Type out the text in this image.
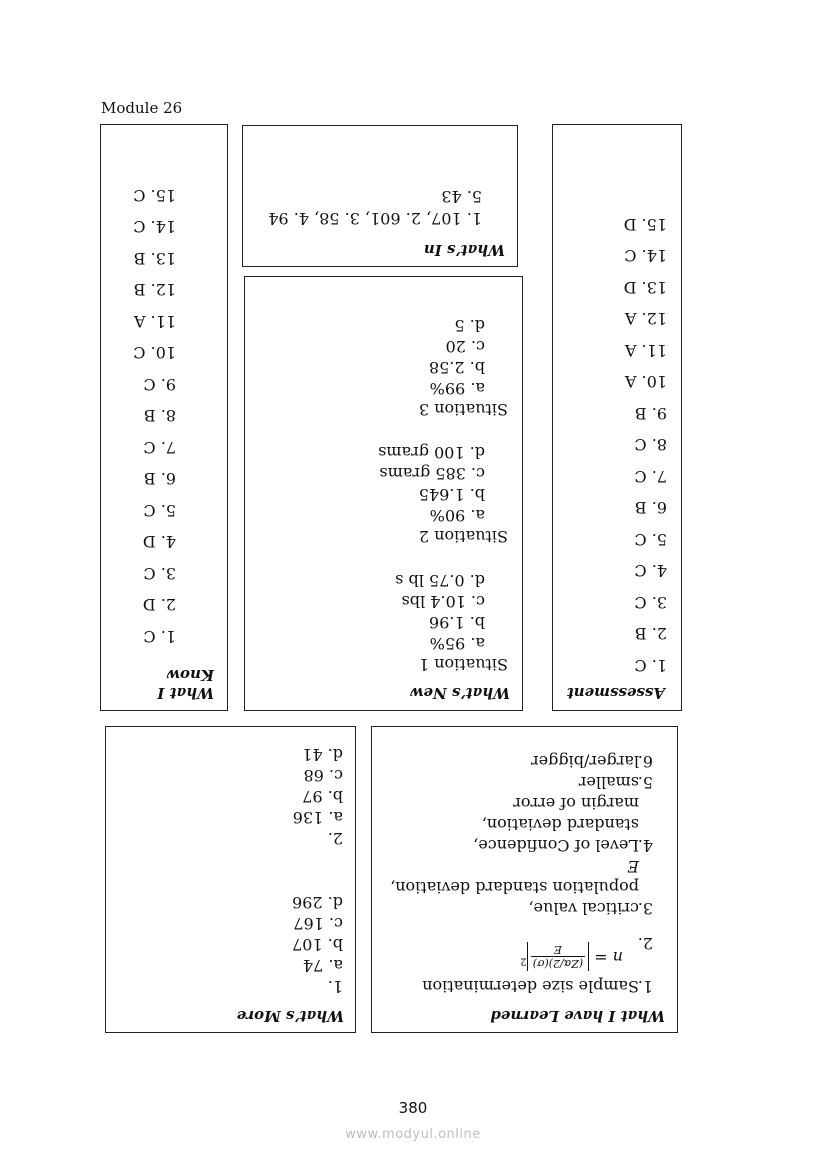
Module 26
Assessment
1. C
2. B
3. C
4. C
5. C
6. B
7. C
8. C
9. B
10. A
11. A
12. A
13. D
14. C
15. D
What’s In
1. 107, 2. 601, 3. 58, 4. 94
5. 43
What’s New
Situation 1
a. 95%
b. 1.96
c. 10.4 lbs
d. 0.75 lb s
Situation 2
a. 90%
b. 1.645
c. 385 grams
d. 100 grams
Situation 3
a. 99%
b. 2.58
c. 20
d. 5
What I
Know
1. C
2. D
3. C
4. D
5. C
6. B
7. C
8. B
9. C
10. C
11. A
12. B
13. B
14. C
15. C
What I have Learned
1.
Sample size determination
2.
n =
(Zα/2)(σ)
E
$^2$
3.
critical value,
population standard deviation,
E
4.
Level of Confidence,
standard deviation,
margin of error
5.
smaller
6.
larger/bigger
What’s More
1.
a. 74
b. 107
c. 167
d. 296
2.
a. 136
b. 97
c. 68
d. 41
380
www.modyul.online
